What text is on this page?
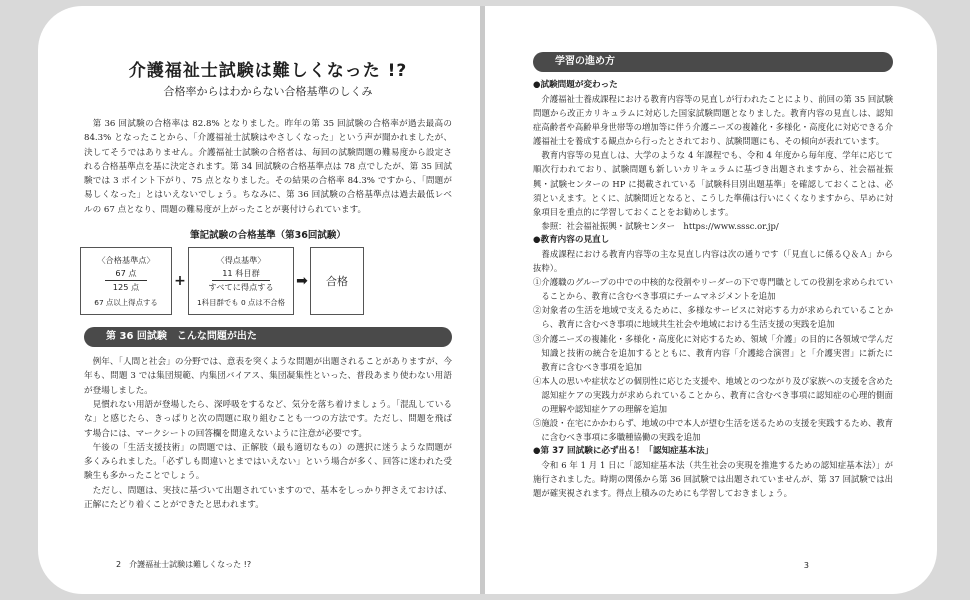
介護福祉士試験は難しくなった !?
合格率からはわからない合格基準のしくみ

第 36 回試験の合格率は 82.8% となりました。昨年の第 35 回試験の合格率が過去最高の 84.3% となったことから、「介護福祉士試験はやさしくなった」という声が聞かれましたが、決してそうではありません。介護福祉士試験の合格者は、毎回の試験問題の難易度から設定される合格基準点を基に決定されます。第 34 回試験の合格基準点は 78 点でしたが、第 35 回試験では 3 ポイント下がり、75 点となりました。その結果の合格率 84.3% ですから、「問題が易しくなった」とはいえないでしょう。ちなみに、第 36 回試験の合格基準点は過去最低レベルの 67 点となり、問題の難易度が上がったことが裏付けられています。

筆記試験の合格基準（第36回試験）
〈合格基準点〉
67 点
125 点
67 点以上得点する
+
〈得点基準〉
11 科目群
すべてに得点する
1科目群でも 0 点は不合格
➡	合格
第 36 回試験　こんな問題が出た

例年、「人間と社会」の分野では、意表を突くような問題が出題されることがありますが、今年も、問題 3 では集団規範、内集団バイアス、集団凝集性といった、普段あまり使わない用語が登場しました。

見慣れない用語が登場したら、深呼吸をするなど、気分を落ち着けましょう。「混乱しているな」と感じたら、きっぱりと次の問題に取り組むことも一つの方法です。ただし、問題を飛ばす場合には、マークシートの回答欄を間違えないように注意が必要です。

午後の「生活支援技術」の問題では、正解肢（最も適切なもの）の選択に迷うような問題が多くみられました。「必ずしも間違いとまではいえない」という場合が多く、回答に迷われた受験生も多かったことでしょう。

ただし、問題は、実技に基づいて出題されていますので、基本をしっかり押さえておけば、正解にたどり着くことができたと思われます。

2　介護福祉士試験は難しくなった !?
学習の進め方

●試験問題が変わった

介護福祉士養成課程における教育内容等の見直しが行われたことにより、前回の第 35 回試験問題から改正カリキュラムに対応した国家試験問題となりました。教育内容の見直しは、認知症高齢者や高齢単身世帯等の増加等に伴う介護ニーズの複雑化・多様化・高度化に対応できる介護福祉士を養成する観点から行ったとされており、試験問題にも、その傾向が表れています。

教育内容等の見直しは、大学のような 4 年課程でも、令和 4 年度から毎年度、学年に応じて順次行われており、試験問題も新しいカリキュラムに基づき出題されますから、社会福祉振興・試験センターの HP に掲載されている「試験科目別出題基準」を確認しておくことは、必須といえます。とくに、試験間近となると、こうした準備は行いにくくなりますから、早めに対象項目を重点的に学習しておくことをお勧めします。

参照：社会福祉振興・試験センター　https://www.sssc.or.jp/

●教育内容の見直し

養成課程における教育内容等の主な見直し内容は次の通りです（「見直しに係るＱ＆Ａ」から抜粋）。

①介護職のグループの中での中核的な役割やリーダーの下で専門職としての役割を求められていることから、教育に含むべき事項にチームマネジメントを追加

②対象者の生活を地域で支えるために、多様なサービスに対応する力が求められていることから、教育に含むべき事項に地域共生社会や地域における生活支援の実践を追加

③介護ニーズの複雑化・多様化・高度化に対応するため、領域「介護」の目的に各領域で学んだ知識と技術の統合を追加するとともに、教育内容「介護総合演習」と「介護実習」に新たに教育に含むべき事項を追加

④本人の思いや症状などの個別性に応じた支援や、地域とのつながり及び家族への支援を含めた認知症ケアの実践力が求められていることから、教育に含むべき事項に認知症の心理的側面の理解や認知症ケアの理解を追加

⑤施設・在宅にかかわらず、地域の中で本人が望む生活を送るための支援を実践するため、教育に含むべき事項に多職種協働の実践を追加

●第 37 回試験に必ず出る！「認知症基本法」

令和 6 年 1 月 1 日に「認知症基本法（共生社会の実現を推進するための認知症基本法）」が施行されました。時期の関係から第 36 回試験では出題されていませんが、第 37 回試験では出題が確実視されます。得点上積みのためにも学習しておきましょう。

3
